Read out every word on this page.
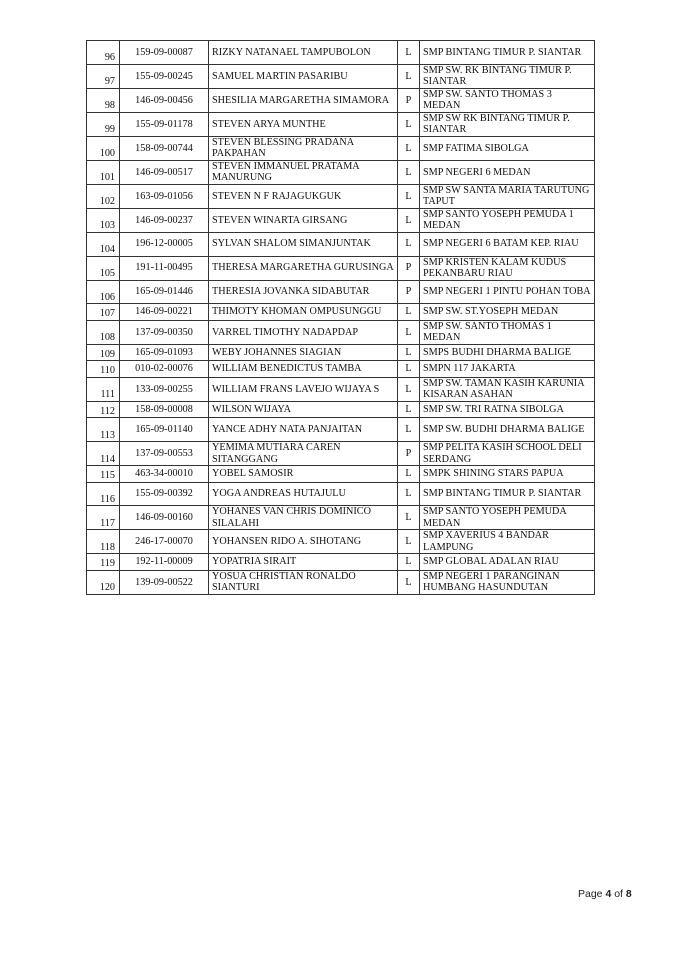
96	159-09-00087	RIZKY NATANAEL TAMPUBOLON	L	SMP BINTANG TIMUR P. SIANTAR
97	155-09-00245	SAMUEL MARTIN PASARIBU	L	SMP SW. RK BINTANG TIMUR P. SIANTAR
98	146-09-00456	SHESILIA MARGARETHA SIMAMORA	P	SMP SW. SANTO THOMAS 3 MEDAN
99	155-09-01178	STEVEN ARYA MUNTHE	L	SMP SW RK BINTANG TIMUR P. SIANTAR
100	158-09-00744	STEVEN BLESSING PRADANA PAKPAHAN	L	SMP FATIMA SIBOLGA
101	146-09-00517	STEVEN IMMANUEL PRATAMA MANURUNG	L	SMP NEGERI 6 MEDAN
102	163-09-01056	STEVEN N F RAJAGUKGUK	L	SMP SW SANTA MARIA TARUTUNG TAPUT
103	146-09-00237	STEVEN WINARTA GIRSANG	L	SMP SANTO YOSEPH PEMUDA 1 MEDAN
104	196-12-00005	SYLVAN SHALOM SIMANJUNTAK	L	SMP NEGERI 6 BATAM KEP. RIAU
105	191-11-00495	THERESA MARGARETHA GURUSINGA	P	SMP KRISTEN KALAM KUDUS PEKANBARU RIAU
106	165-09-01446	THERESIA JOVANKA SIDABUTAR	P	SMP NEGERI 1 PINTU POHAN TOBA
107	146-09-00221	THIMOTY KHOMAN OMPUSUNGGU	L	SMP SW. ST.YOSEPH MEDAN
108	137-09-00350	VARREL TIMOTHY NADAPDAP	L	SMP SW. SANTO THOMAS 1 MEDAN
109	165-09-01093	WEBY JOHANNES SIAGIAN	L	SMPS BUDHI DHARMA BALIGE
110	010-02-00076	WILLIAM BENEDICTUS TAMBA	L	SMPN 117 JAKARTA
111	133-09-00255	WILLIAM FRANS LAVEJO WIJAYA S	L	SMP SW. TAMAN KASIH KARUNIA KISARAN ASAHAN
112	158-09-00008	WILSON WIJAYA	L	SMP SW. TRI RATNA SIBOLGA
113	165-09-01140	YANCE ADHY NATA PANJAITAN	L	SMP SW. BUDHI DHARMA BALIGE
114	137-09-00553	YEMIMA MUTIARA CAREN SITANGGANG	P	SMP PELITA KASIH SCHOOL DELI SERDANG
115	463-34-00010	YOBEL SAMOSIR	L	SMPK SHINING STARS PAPUA
116	155-09-00392	YOGA ANDREAS HUTAJULU	L	SMP BINTANG TIMUR P. SIANTAR
117	146-09-00160	YOHANES VAN CHRIS DOMINICO SILALAHI	L	SMP SANTO YOSEPH PEMUDA MEDAN
118	246-17-00070	YOHANSEN RIDO A. SIHOTANG	L	SMP XAVERIUS 4 BANDAR LAMPUNG
119	192-11-00009	YOPATRIA SIRAIT	L	SMP GLOBAL ADALAN RIAU
120	139-09-00522	YOSUA CHRISTIAN RONALDO SIANTURI	L	SMP NEGERI 1 PARANGINAN HUMBANG HASUNDUTAN
Page 4 of 8
